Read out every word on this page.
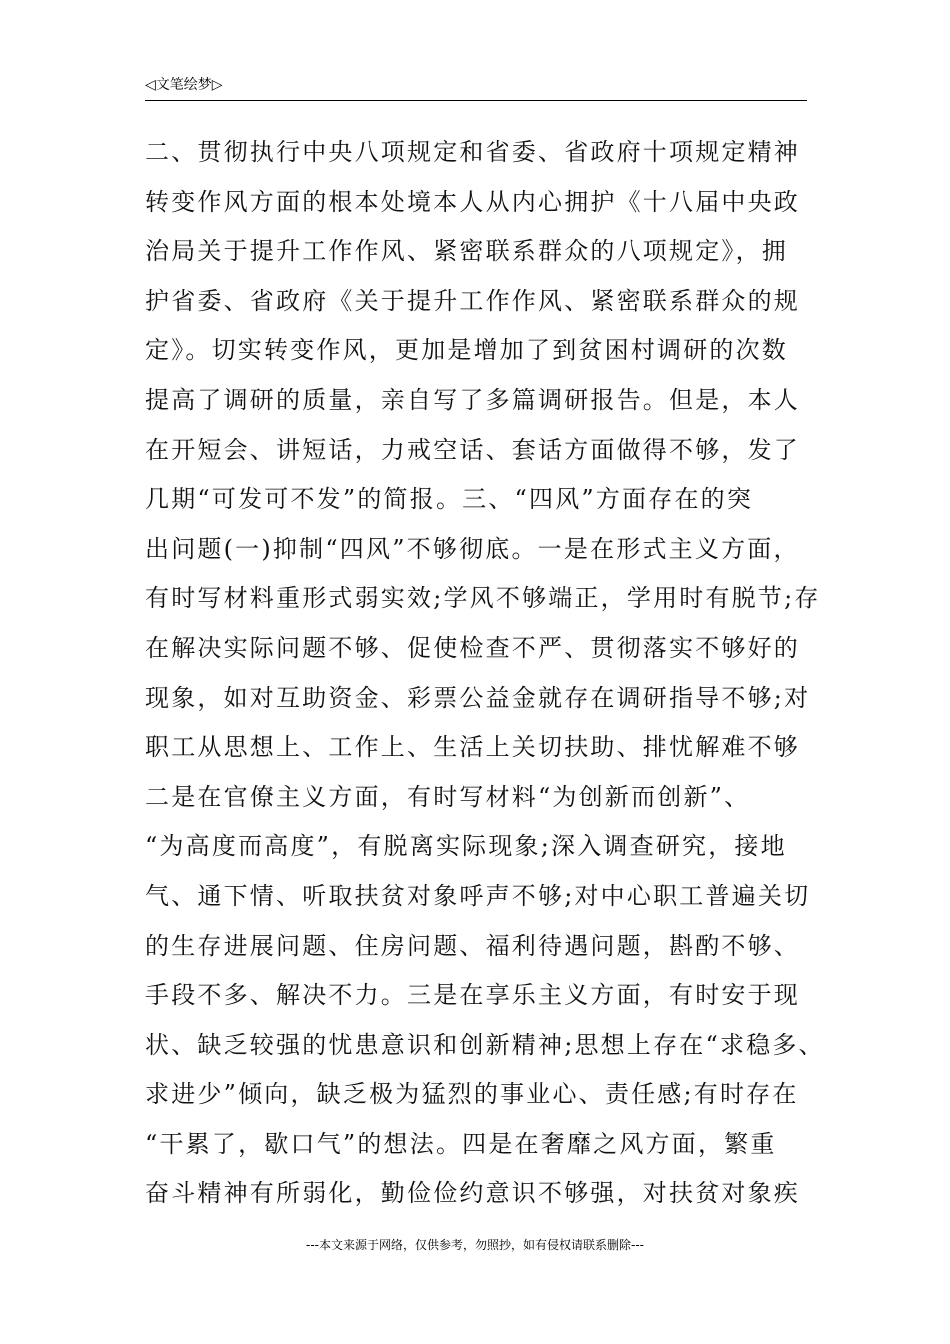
◁文笔绘梦▷
二、贯彻执行中央八项规定和省委、省政府十项规定精神
转变作风方面的根本处境本人从内心拥护《十八届中央政
治局关于提升工作作风、紧密联系群众的八项规定》，拥
护省委、省政府《关于提升工作作风、紧密联系群众的规
定》。切实转变作风，更加是增加了到贫困村调研的次数
提高了调研的质量，亲自写了多篇调研报告。但是，本人
在开短会、讲短话，力戒空话、套话方面做得不够，发了
几期“可发可不发”的简报。三、“四风”方面存在的突
出问题(一)抑制“四风”不够彻底。一是在形式主义方面，
有时写材料重形式弱实效;学风不够端正，学用时有脱节;存
在解决实际问题不够、促使检查不严、贯彻落实不够好的
现象，如对互助资金、彩票公益金就存在调研指导不够;对
职工从思想上、工作上、生活上关切扶助、排忧解难不够
二是在官僚主义方面，有时写材料“为创新而创新”、
“为高度而高度”，有脱离实际现象;深入调查研究，接地
气、通下情、听取扶贫对象呼声不够;对中心职工普遍关切
的生存进展问题、住房问题、福利待遇问题，斟酌不够、
手段不多、解决不力。三是在享乐主义方面，有时安于现
状、缺乏较强的忧患意识和创新精神;思想上存在“求稳多、
求进少”倾向，缺乏极为猛烈的事业心、责任感;有时存在
“干累了，歇口气”的想法。四是在奢靡之风方面，繁重
奋斗精神有所弱化，勤俭俭约意识不够强，对扶贫对象疾
---本文来源于网络，仅供参考，勿照抄，如有侵权请联系删除---
